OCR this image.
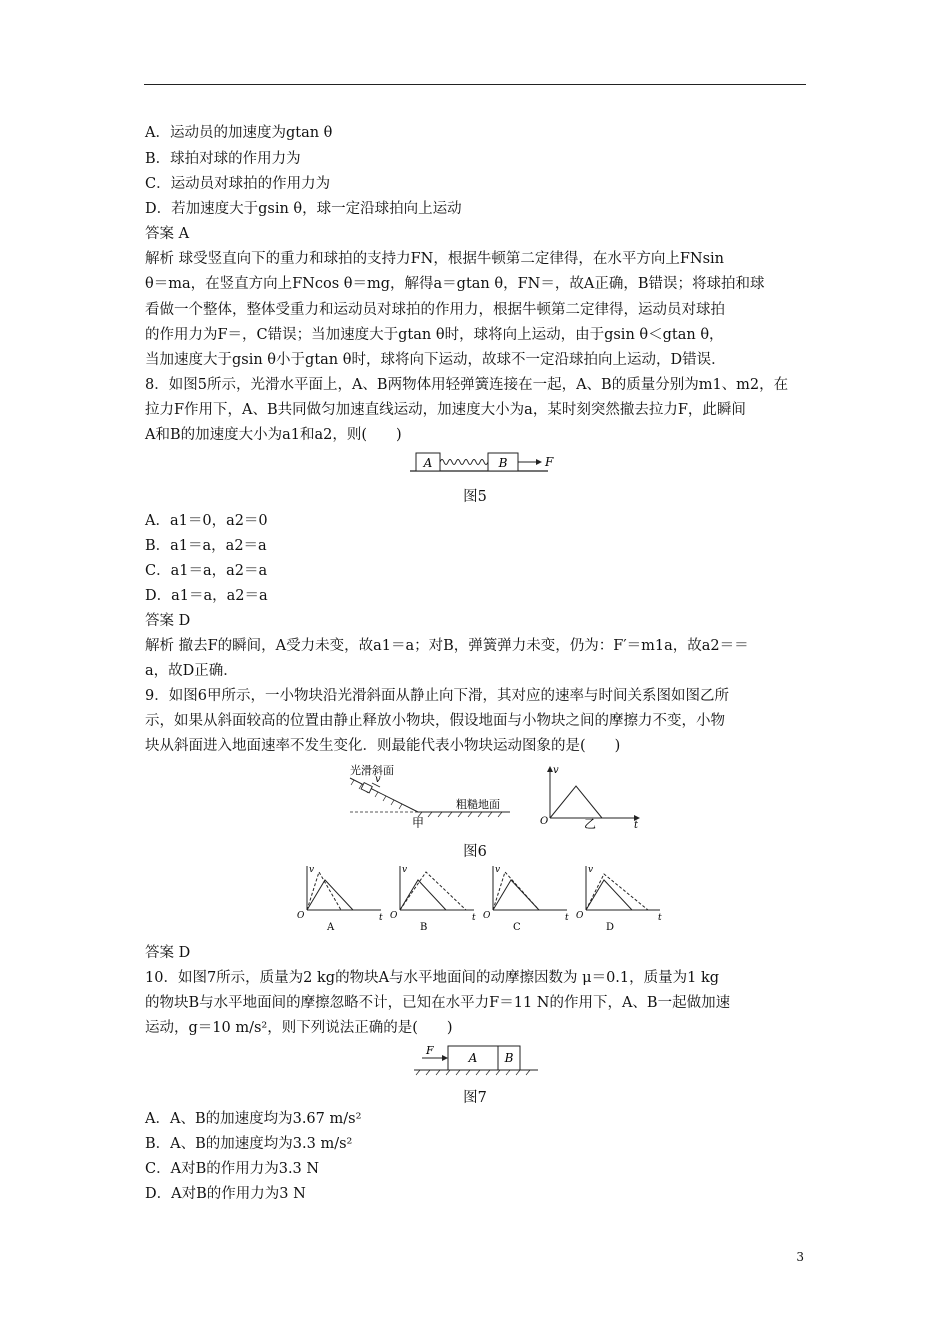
A．运动员的加速度为gtan θ
B．球拍对球的作用力为
C．运动员对球拍的作用力为
D．若加速度大于gsin θ，球一定沿球拍向上运动
答案 A
解析 球受竖直向下的重力和球拍的支持力FN，根据牛顿第二定律得，在水平方向上FNsin
θ＝ma，在竖直方向上FNcos θ＝mg，解得a＝gtan θ，FN＝，故A正确，B错误；将球拍和球
看做一个整体，整体受重力和运动员对球拍的作用力，根据牛顿第二定律得，运动员对球拍
的作用力为F＝，C错误；当加速度大于gtan θ时，球将向上运动，由于gsin θ＜gtan θ，
当加速度大于gsin θ小于gtan θ时，球将向下运动，故球不一定沿球拍向上运动，D错误．
8．如图5所示，光滑水平面上，A、B两物体用轻弹簧连接在一起，A、B的质量分别为m1、m2，在
拉力F作用下，A、B共同做匀加速直线运动，加速度大小为a，某时刻突然撤去拉力F，此瞬间
A和B的加速度大小为a1和a2，则(　　)
A	B	F
图5
A．a1＝0，a2＝0
B．a1＝a，a2＝a
C．a1＝a，a2＝a
D．a1＝a，a2＝a
答案 D
解析 撤去F的瞬间，A受力未变，故a1＝a；对B，弹簧弹力未变，仍为：F′＝m1a，故a2＝＝
a，故D正确．
9．如图6甲所示，一小物块沿光滑斜面从静止向下滑，其对应的速率与时间关系图如图乙所
示，如果从斜面较高的位置由静止释放小物块，假设地面与小物块之间的摩擦力不变，小物
块从斜面进入地面速率不发生变化．则最能代表小物块运动图象的是(　　)
光滑斜面
v
粗糙地面
甲
v
t
O	乙
图6
v
t
O
A
v
t
O
B
v
t
O
C
v
t
O
D
答案 D
10．如图7所示，质量为2 kg的物块A与水平地面间的动摩擦因数为 μ＝0.1，质量为1 kg
的物块B与水平地面间的摩擦忽略不计，已知在水平力F＝11 N的作用下，A、B一起做加速
运动，g＝10 m/s²，则下列说法正确的是(　　)
F
A B
图7
A．A、B的加速度均为3.67 m/s²
B．A、B的加速度均为3.3 m/s²
C．A对B的作用力为3.3 N
D．A对B的作用力为3 N
3
